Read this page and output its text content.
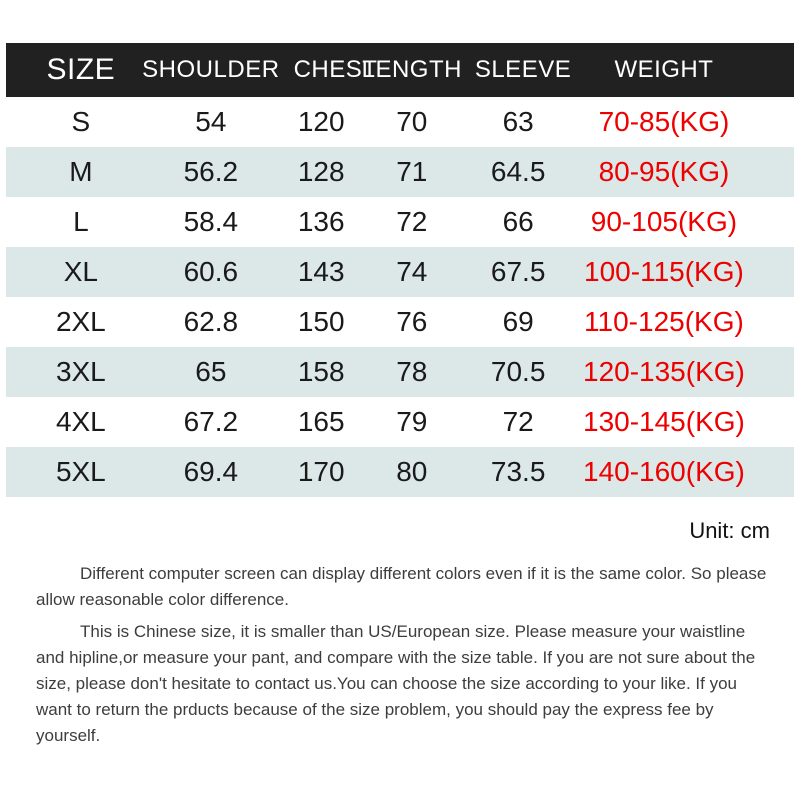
	SIZE	SHOULDER	CHEST	LENGTH	SLEEVE	WEIGHT	
	S	54	120	70	63	70-85(KG)	
	M	56.2	128	71	64.5	80-95(KG)	
	L	58.4	136	72	66	90-105(KG)	
	XL	60.6	143	74	67.5	100-115(KG)	
	2XL	62.8	150	76	69	110-125(KG)	
	3XL	65	158	78	70.5	120-135(KG)	
	4XL	67.2	165	79	72	130-145(KG)	
	5XL	69.4	170	80	73.5	140-160(KG)	
Unit: cm

Different computer screen can display different colors even if it is the same color. So please allow reasonable color difference.

This is Chinese size, it is smaller than US/European size. Please measure your waistline and hipline,or measure your pant, and compare with the size table. If you are not sure about the size, please don't hesitate to contact us.You can choose the size according to your like. If you want to return the prducts because of the size problem, you should pay the express fee by yourself.
